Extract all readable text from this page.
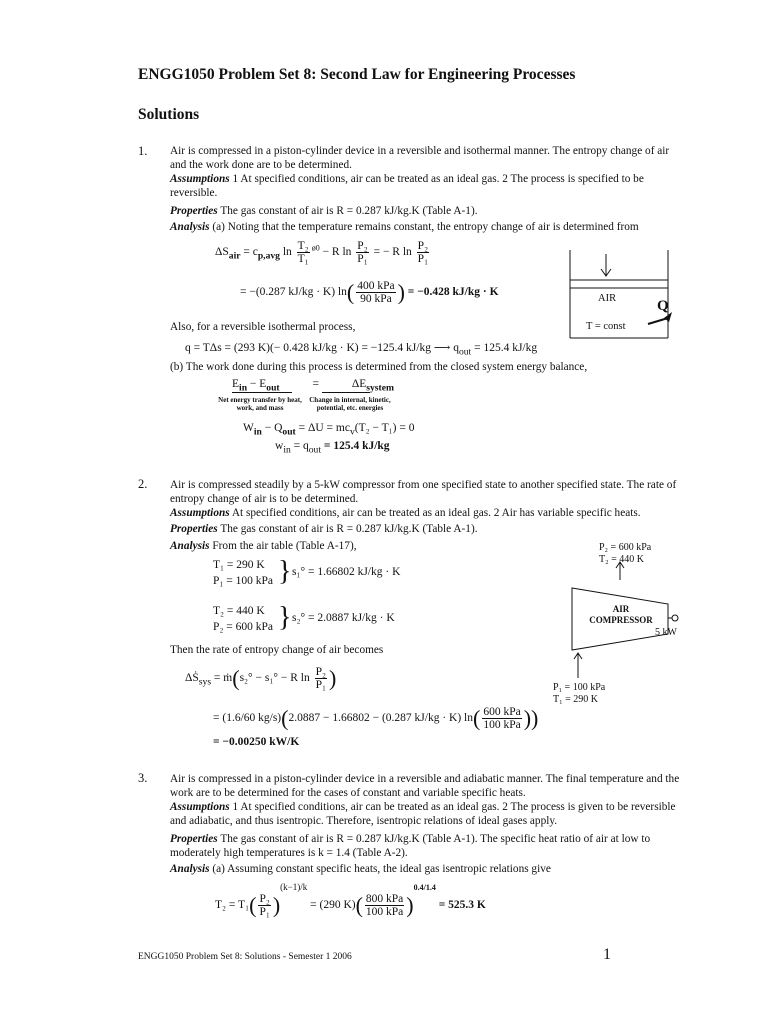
ENGG1050 Problem Set 8: Second Law for Engineering Processes
Solutions
1. Air is compressed in a piston-cylinder device in a reversible and isothermal manner. The entropy change of air and the work done are to be determined.
Assumptions 1 At specified conditions, air can be treated as an ideal gas. 2 The process is specified to be reversible.
Properties The gas constant of air is R = 0.287 kJ/kg.K (Table A-1).
Analysis (a) Noting that the temperature remains constant, the entropy change of air is determined from
$\Delta S_{air} = c_{p,avg}$ $\ln \frac{\text{T₂}}{\text{T₁}} ^{ø0} - R$ $\ln \frac{\text{P₂}}{\text{P₁}}$ = − R $\ln \frac{\text{P₂}}{\text{P₁}}$
= −(0.287 kJ/kg · K) $\ln( \frac{\text{400 kPa}}{\text{90 kPa}}$ ) = −0.428 kJ/kg · K
Also, for a reversible isothermal process,
q = TΔs = (293 K)(− 0.428 kJ/kg · K) = −125.4 kJ/kg ⟶ $q_{out} = 125.4$ kJ/kg
(b) The work done during this process is determined from the closed system energy balance,
$E_{in} - E_{out}$	=	$\Delta E_{system}$
Net energy transfer by heat, work, and mass
Change in internal, kinetic, potential, etc. energies
$W_{in} - Q_{out} = \Delta U = mc_v(T_2 - T_1) = 0$
$w_{in} = q_{out} = 125.4$ kJ/kg
AIR
T = const
Q
2. Air is compressed steadily by a 5-kW compressor from one specified state to another specified state. The rate of entropy change of air is to be determined.
Assumptions At specified conditions, air can be treated as an ideal gas. 2 Air has variable specific heats.
Properties The gas constant of air is R = 0.287 kJ/kg.K (Table A-1).
Analysis From the air table (Table A-17),
T₁ = 290 K
P₁ = 100 kPa } s₁° = 1.66802 kJ/kg · K
T₂ = 440 K
P₂ = 600 kPa } s₂° = 2.0887 kJ/kg · K
Then the rate of entropy change of air becomes
ΔṠ$_{sys}$ = ṁ(s₂° − s₁° − R $\ln \frac{\text{P₂}}{\text{P₁}}$ )
= (1.6/60 kg/s)(2.0887 − 1.66802 − (0.287 kJ/kg · K) $\ln( \frac{\text{600 kPa}}{\text{100 kPa}}$ ))
= −0.00250 kW/K
P₂ = 600 kPa
T₂ = 440 K
AIR
COMPRESSOR
5 kW
P₁ = 100 kPa
T₁ = 290 K
3. Air is compressed in a piston-cylinder device in a reversible and adiabatic manner. The final temperature and the work are to be determined for the cases of constant and variable specific heats.
Assumptions 1 At specified conditions, air can be treated as an ideal gas. 2 The process is given to be reversible and adiabatic, and thus isentropic. Therefore, isentropic relations of ideal gases apply.
Properties The gas constant of air is R = 0.287 kJ/kg.K (Table A-1). The specific heat ratio of air at low to moderately high temperatures is k = 1.4 (Table A-2).
Analysis (a) Assuming constant specific heats, the ideal gas isentropic relations give
$T_2 = T_1( \frac{\text{P₂}}{\text{P₁}} )^{(k-1)/k} = (290$ $K)( \frac{\text{800 kPa}}{\text{100 kPa}} )^{0.4/1.4} = 525.3$ K
ENGG1050 Problem Set 8: Solutions - Semester 1 2006	1
